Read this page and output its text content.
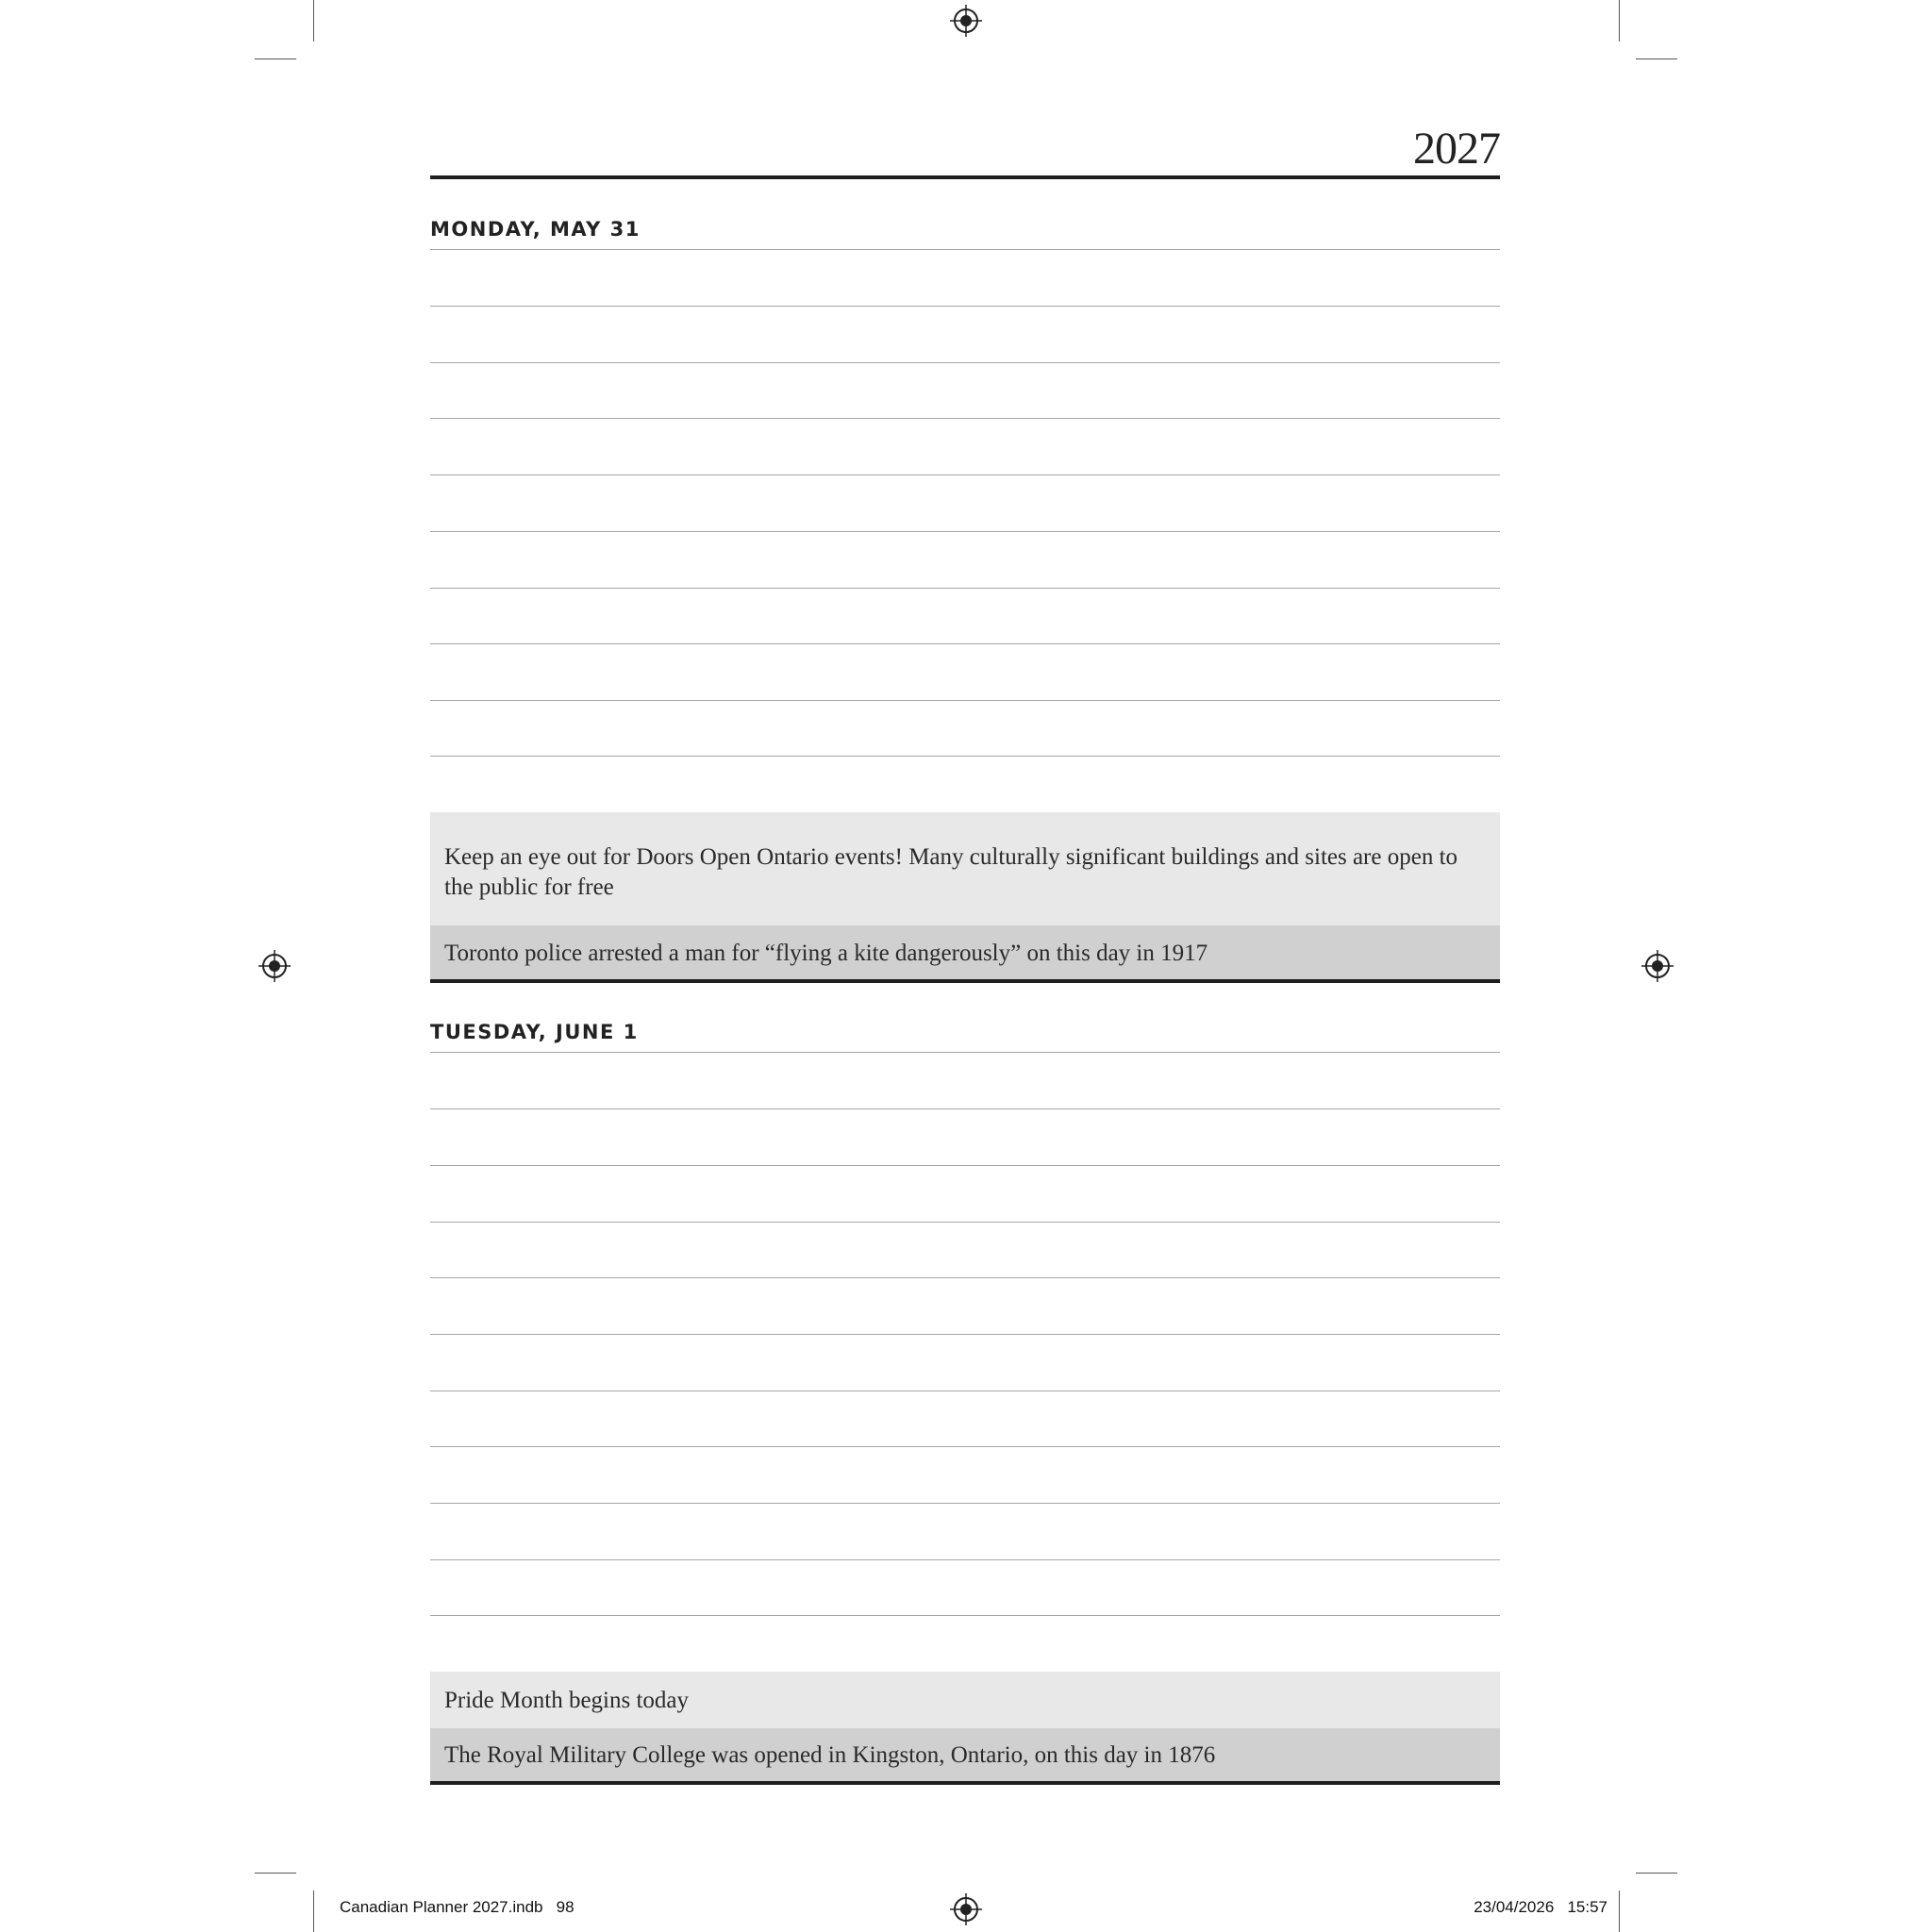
2027
MONDAY, MAY 31
Keep an eye out for Doors Open Ontario events! Many culturally significant buildings and sites are open to the public for free
Toronto police arrested a man for “flying a kite dangerously” on this day in 1917
TUESDAY, JUNE 1
Pride Month begins today
The Royal Military College was opened in Kingston, Ontario, on this day in 1876
Canadian Planner 2027.indb   98	23/04/2026   15:57
